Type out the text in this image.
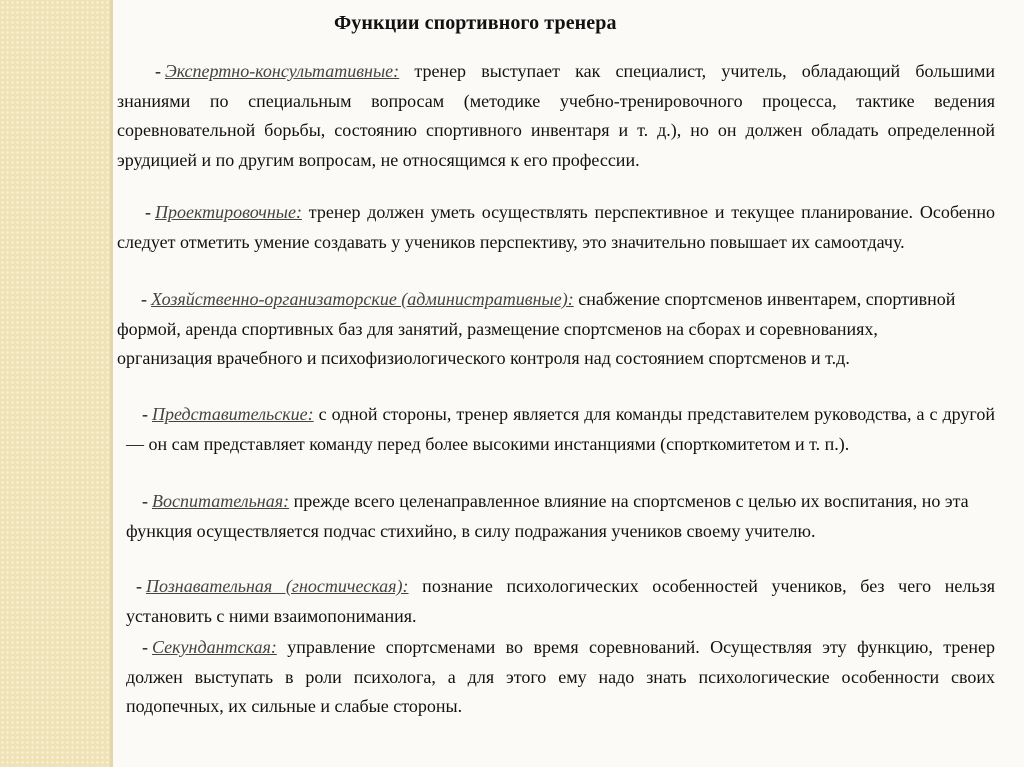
Функции спортивного тренера
- Экспертно-консультативные: тренер выступает как специалист, учитель, обладающий большими знаниями по специальным вопросам (методике учебно-тренировочного процесса, тактике ведения соревновательной борьбы, состоянию спортивного инвентаря и т. д.), но он должен обладать определенной эрудицией и по другим вопросам, не относящимся к его профессии.
- Проектировочные: тренер должен уметь осуществлять перспективное и текущее планирование. Особенно следует отметить умение создавать у учеников перспективу, это значительно повышает их самоотдачу.
- Хозяйственно-организаторские (административные): снабжение спортсменов инвентарем, спортивной формой, аренда спортивных баз для занятий, размещение спортсменов на сборах и соревнованиях, организация врачебного и психофизиологического контроля над состоянием спортсменов и т.д.
- Представительские: с одной стороны, тренер является для команды представителем руководства, а с другой — он сам представляет команду перед более высокими инстанциями (спорткомитетом и т. п.).
- Воспитательная: прежде всего целенаправленное влияние на спортсменов с целью их воспитания, но эта функция осуществляется подчас стихийно, в силу подражания учеников своему учителю.
- Познавательная (гностическая): познание психологических особенностей учеников, без чего нельзя установить с ними взаимопонимания.
- Секундантская: управление спортсменами во время соревнований. Осуществляя эту функцию, тренер должен выступать в роли психолога, а для этого ему надо знать психологические особенности своих подопечных, их сильные и слабые стороны.
